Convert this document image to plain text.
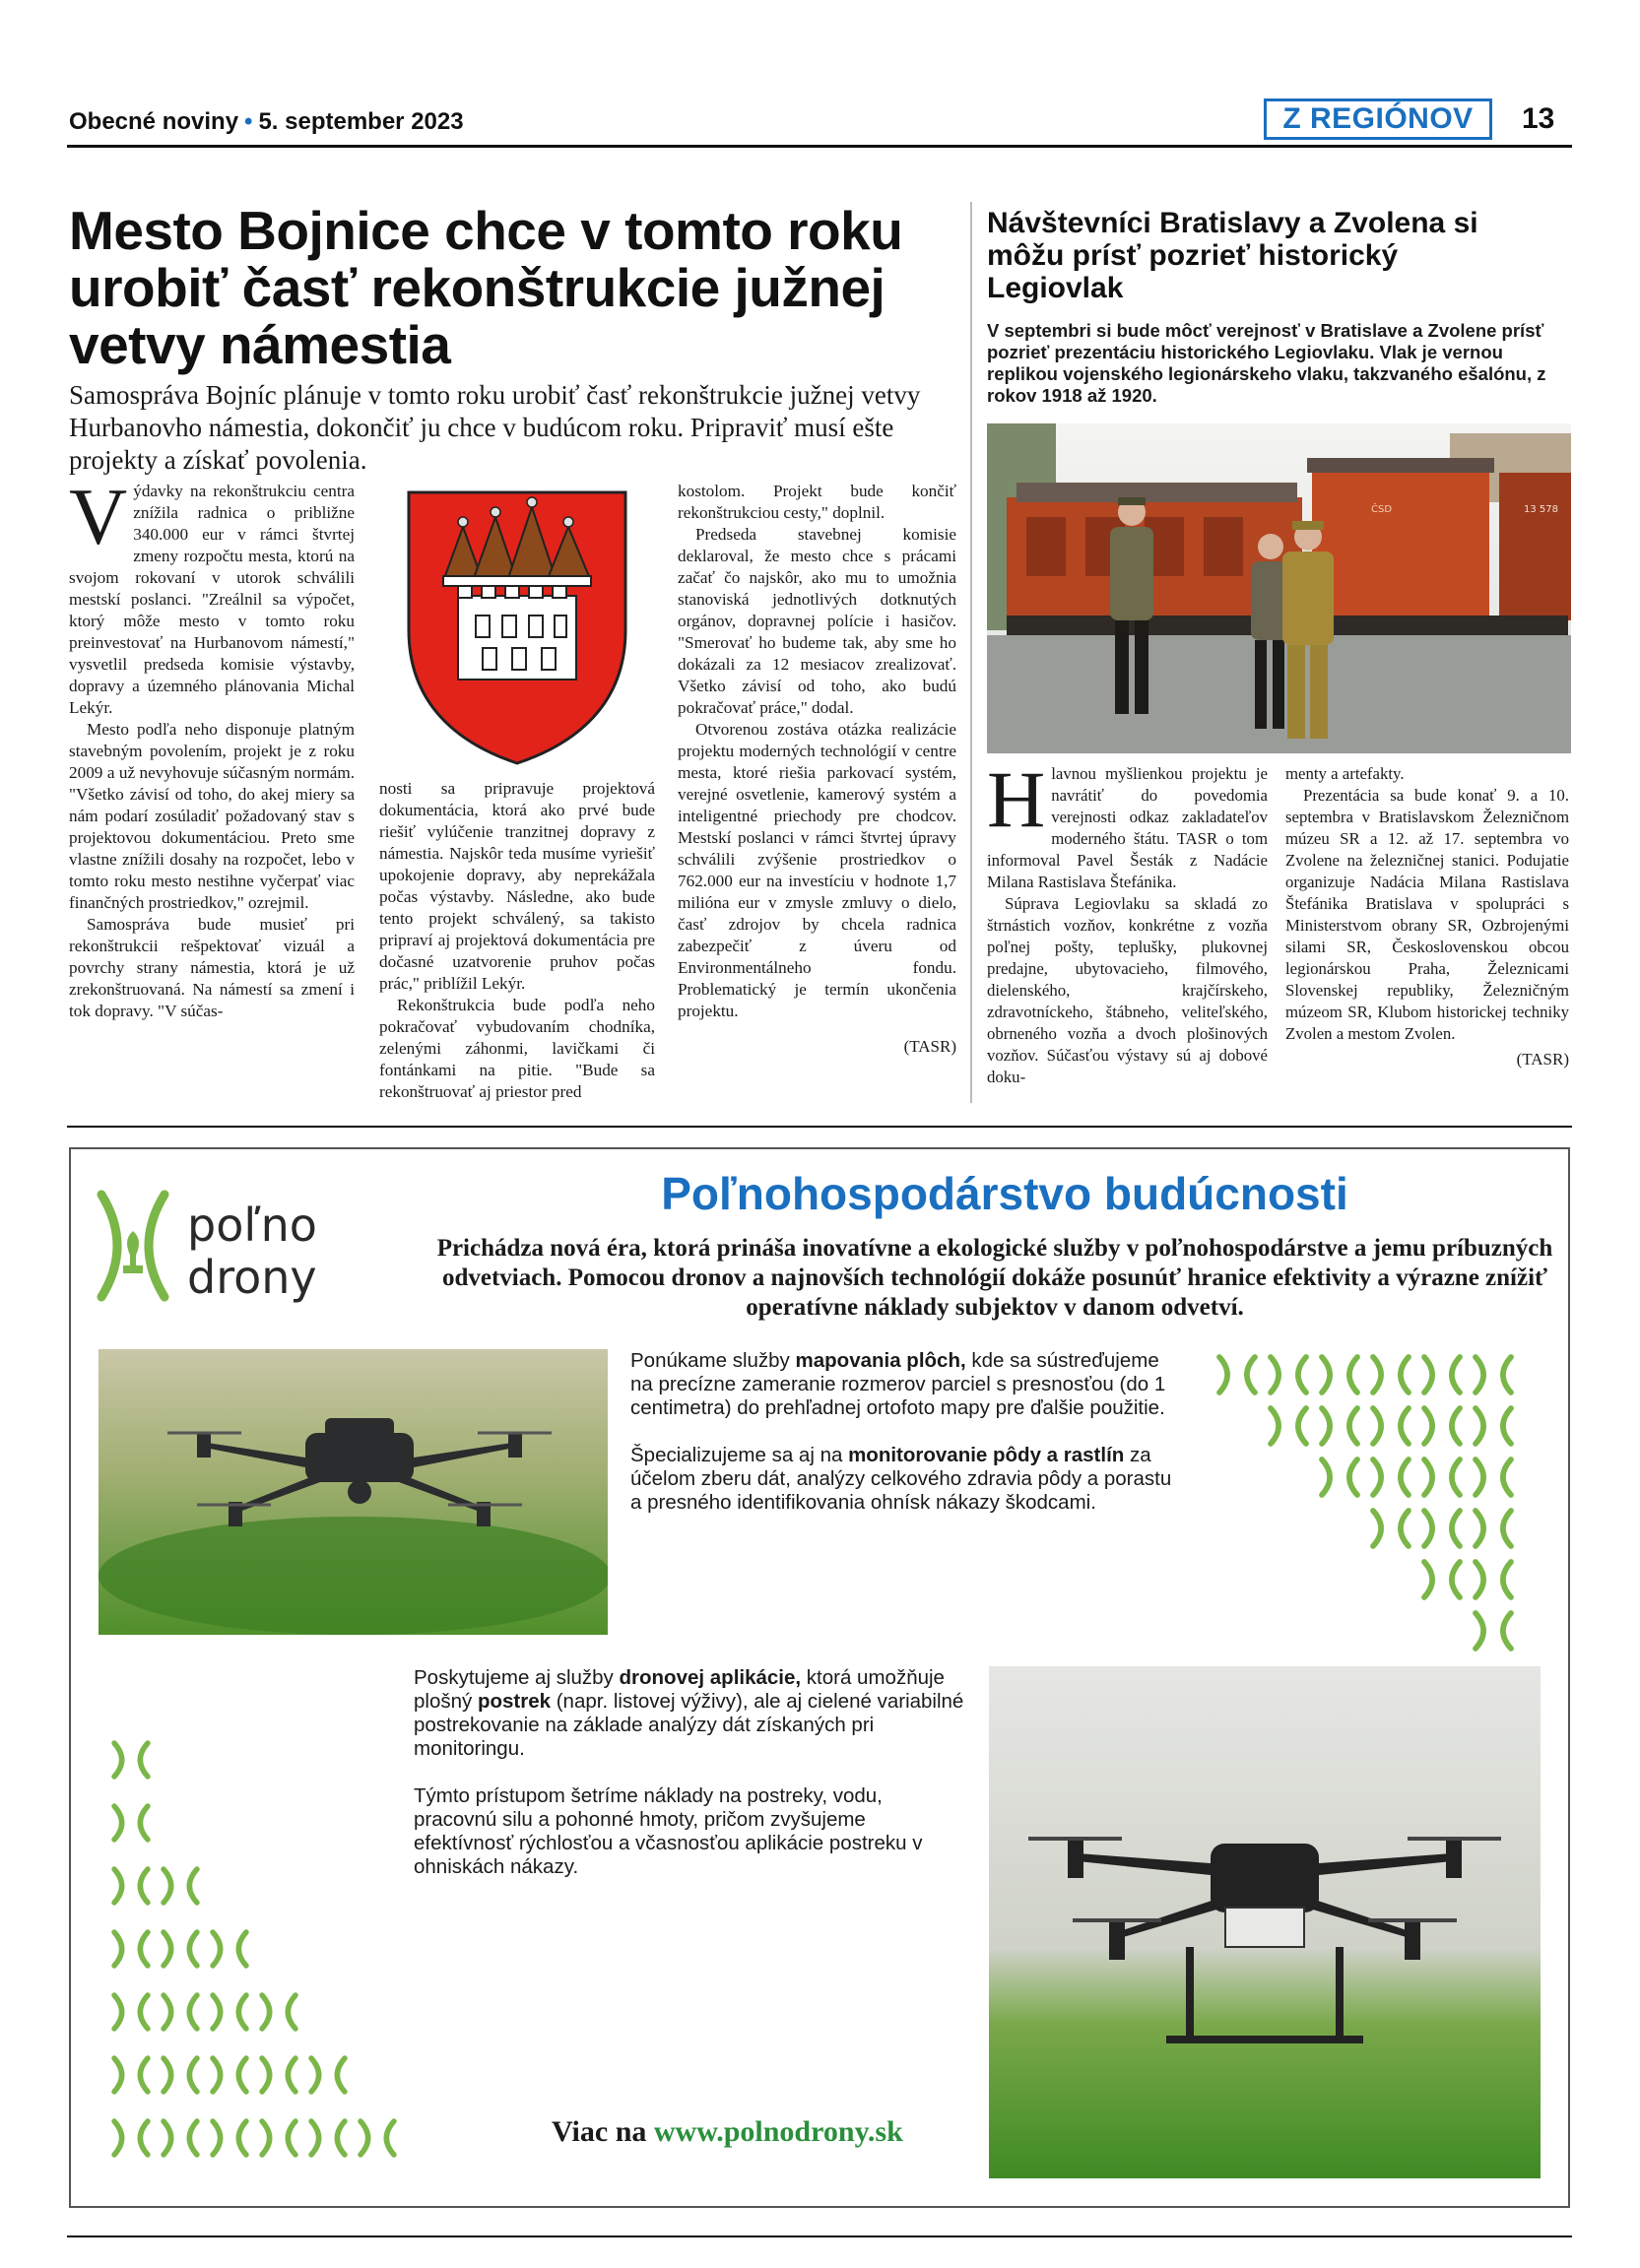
Obecné noviny • 5. september 2023	Z REGIÓNOV	13
Mesto Bojnice chce v tomto roku urobiť časť rekonštrukcie južnej vetvy námestia

Samospráva Bojníc plánuje v tomto roku urobiť časť rekonštrukcie južnej vetvy Hurbanovho námestia, dokončiť ju chce v budúcom roku. Pripraviť musí ešte projekty a získať povolenia.

Výdavky na rekonštrukciu centra znížila radnica o približne 340.000 eur v rámci štvrtej zmeny rozpočtu mesta, ktorú na svojom rokovaní v utorok schválili mestskí poslanci. "Zreálnil sa výpočet, ktorý môže mesto v tomto roku preinvestovať na Hurbanovom námestí," vysvetlil predseda komisie výstavby, dopravy a územného plánovania Michal Lekýr.

Mesto podľa neho disponuje platným stavebným povolením, projekt je z roku 2009 a už nevyhovuje súčasným normám. "Všetko závisí od toho, do akej miery sa nám podarí zosúladiť požadovaný stav s projektovou dokumentáciou. Preto sme vlastne znížili dosahy na rozpočet, lebo v tomto roku mesto nestihne vyčerpať viac finančných prostriedkov," ozrejmil.

Samospráva bude musieť pri rekonštrukcii rešpektovať vizuál a povrchy strany námestia, ktorá je už zrekonštruovaná. Na námestí sa zmení i tok dopravy. "V súčas-

nosti sa pripravuje projektová dokumentácia, ktorá ako prvé bude riešiť vylúčenie tranzitnej dopravy z námestia. Najskôr teda musíme vyriešiť upokojenie dopravy, aby neprekážala počas výstavby. Následne, ako bude tento projekt schválený, sa takisto pripraví aj projektová dokumentácia pre dočasné uzatvorenie pruhov počas prác," priblížil Lekýr.

Rekonštrukcia bude podľa neho pokračovať vybudovaním chodníka, zelenými záhonmi, lavičkami či fontánkami na pitie. "Bude sa rekonštruovať aj priestor pred

kostolom. Projekt bude končiť rekonštrukciou cesty," doplnil.

Predseda stavebnej komisie deklaroval, že mesto chce s prácami začať čo najskôr, ako mu to umožnia stanoviská jednotlivých dotknutých orgánov, dopravnej polície i hasičov. "Smerovať ho budeme tak, aby sme ho dokázali za 12 mesiacov zrealizovať. Všetko závisí od toho, ako budú pokračovať práce," dodal.

Otvorenou zostáva otázka realizácie projektu moderných technológií v centre mesta, ktoré riešia parkovací systém, verejné osvetlenie, kamerový systém a inteligentné priechody pre chodcov. Mestskí poslanci v rámci štvrtej úpravy schválili zvýšenie prostriedkov o 762.000 eur na investíciu v hodnote 1,7 milióna eur v zmysle zmluvy o dielo, časť zdrojov by chcela radnica zabezpečiť z úveru od Environmentálneho fondu. Problematický je termín ukončenia projektu.

(TASR)

Návštevníci Bratislavy a Zvolena si môžu prísť pozrieť historický Legiovlak

V septembri si bude môcť verejnosť v Bratislave a Zvolene prísť pozrieť prezentáciu historického Legiovlaku. Vlak je vernou replikou vojenského legionárskeho vlaku, takzvaného ešalónu, z rokov 1918 až 1920.

ČSD	13 578

Hlavnou myšlienkou projektu je navrátiť do povedomia verejnosti odkaz zakladateľov moderného štátu. TASR o tom informoval Pavel Šesták z Nadácie Milana Rastislava Štefánika.

Súprava Legiovlaku sa skladá zo štrnástich vozňov, konkrétne z vozňa poľnej pošty, teplušky, plukovnej predajne, ubytovacieho, filmového, dielenského, krajčírskeho, zdravotníckeho, štábneho, veliteľského, obrneného vozňa a dvoch plošinových vozňov. Súčasťou výstavy sú aj dobové doku-

menty a artefakty.

Prezentácia sa bude konať 9. a 10. septembra v Bratislavskom Železničnom múzeu SR a 12. až 17. septembra vo Zvolene na železničnej stanici. Podujatie organizuje Nadácia Milana Rastislava Štefánika Bratislava v spolupráci s Ministerstvom obrany SR, Ozbrojenými silami SR, Československou obcou legionárskou Praha, Železnicami Slovenskej republiky, Železničným múzeom SR, Klubom historickej techniky Zvolen a mestom Zvolen.

(TASR)

poľno
drony
Poľnohospodárstvo budúcnosti
Prichádza nová éra, ktorá prináša inovatívne a ekologické služby v poľnohospodárstve a jemu príbuzných odvetviach. Pomocou dronov a najnovších technológií dokáže posunúť hranice efektivity a výrazne znížiť operatívne náklady subjektov v danom odvetví.

Ponúkame služby mapovania plôch, kde sa sústreďujeme na precízne zameranie rozmerov parciel s presnosťou (do 1 centimetra) do prehľadnej ortofoto mapy pre ďalšie použitie.

Špecializujeme sa aj na monitorovanie pôdy a rastlín za účelom zberu dát, analýzy celkového zdravia pôdy a porastu a presného identifikovania ohnísk nákazy škodcami.

Poskytujeme aj služby dronovej aplikácie, ktorá umožňuje plošný postrek (napr. listovej výživy), ale aj cielené variabilné postrekovanie na základe analýzy dát získaných pri monitoringu.

Týmto prístupom šetríme náklady na postreky, vodu, pracovnú silu a pohonné hmoty, pričom zvyšujeme efektívnosť rýchlosťou a včasnosťou aplikácie postreku v ohniskách nákazy.

Viac na www.polnodrony.sk
